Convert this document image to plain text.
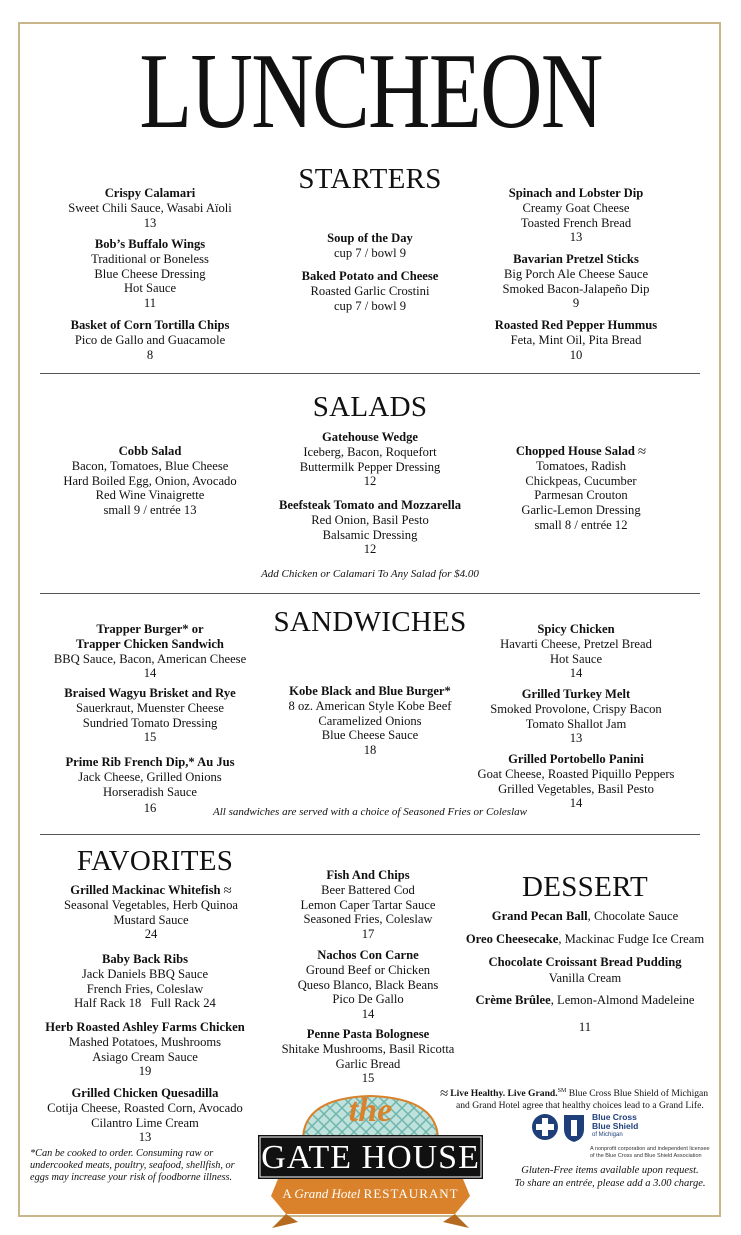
LUNCHEON
STARTERS
Crispy Calamari
Sweet Chili Sauce, Wasabi Aïoli
13
Bob’s Buffalo Wings
Traditional or Boneless
Blue Cheese Dressing
Hot Sauce
11
Basket of Corn Tortilla Chips
Pico de Gallo and Guacamole
8
Soup of the Day
cup 7 / bowl 9
Baked Potato and Cheese
Roasted Garlic Crostini
cup 7 / bowl 9
Spinach and Lobster Dip
Creamy Goat Cheese
Toasted French Bread
13
Bavarian Pretzel Sticks
Big Porch Ale Cheese Sauce
Smoked Bacon-Jalapeño Dip
9
Roasted Red Pepper Hummus
Feta, Mint Oil, Pita Bread
10
SALADS
Cobb Salad
Bacon, Tomatoes, Blue Cheese
Hard Boiled Egg, Onion, Avocado
Red Wine Vinaigrette
small 9 / entrée 13
Gatehouse Wedge
Iceberg, Bacon, Roquefort
Buttermilk Pepper Dressing
12
Beefsteak Tomato and Mozzarella
Red Onion, Basil Pesto
Balsamic Dressing
12
Chopped House Salad ≈
Tomatoes, Radish
Chickpeas, Cucumber
Parmesan Crouton
Garlic-Lemon Dressing
small 8 / entrée 12
Add Chicken or Calamari To Any Salad for $4.00
SANDWICHES
Trapper Burger* or
Trapper Chicken Sandwich
BBQ Sauce, Bacon, American Cheese
14
Braised Wagyu Brisket and Rye
Sauerkraut, Muenster Cheese
Sundried Tomato Dressing
15
Prime Rib French Dip,* Au Jus
Jack Cheese, Grilled Onions
Horseradish Sauce
16
Kobe Black and Blue Burger*
8 oz. American Style Kobe Beef
Caramelized Onions
Blue Cheese Sauce
18
Spicy Chicken
Havarti Cheese, Pretzel Bread
Hot Sauce
14
Grilled Turkey Melt
Smoked Provolone, Crispy Bacon
Tomato Shallot Jam
13
Grilled Portobello Panini
Goat Cheese, Roasted Piquillo Peppers
Grilled Vegetables, Basil Pesto
14
All sandwiches are served with a choice of Seasoned Fries or Coleslaw
FAVORITES
Grilled Mackinac Whitefish ≈
Seasonal Vegetables, Herb Quinoa
Mustard Sauce
24
Baby Back Ribs
Jack Daniels BBQ Sauce
French Fries, Coleslaw
Half Rack 18   Full Rack 24
Herb Roasted Ashley Farms Chicken
Mashed Potatoes, Mushrooms
Asiago Cream Sauce
19
Grilled Chicken Quesadilla
Cotija Cheese, Roasted Corn, Avocado
Cilantro Lime Cream
13
Fish And Chips
Beer Battered Cod
Lemon Caper Tartar Sauce
Seasoned Fries, Coleslaw
17
Nachos Con Carne
Ground Beef or Chicken
Queso Blanco, Black Beans
Pico De Gallo
14
Penne Pasta Bolognese
Shitake Mushrooms, Basil Ricotta
Garlic Bread
15
DESSERT
Grand Pecan Ball, Chocolate Sauce
Oreo Cheesecake, Mackinac Fudge Ice Cream
Chocolate Croissant Bread Pudding
Vanilla Cream
Crème Brûlee, Lemon-Almond Madeleine
11
≈ Live Healthy. Live Grand.℠ Blue Cross Blue Shield of Michigan
and Grand Hotel agree that healthy choices lead to a Grand Life.
Blue Cross
Blue Shield
of Michigan
A nonprofit corporation and independent licensee
of the Blue Cross and Blue Shield Association
Gluten-Free items available upon request.
To share an entrée, please add a 3.00 charge.
*Can be cooked to order. Consuming raw or
undercooked meats, poultry, seafood, shellfish, or
eggs may increase your risk of foodborne illness.
the
GATE HOUSE
A Grand Hotel RESTAURANT
